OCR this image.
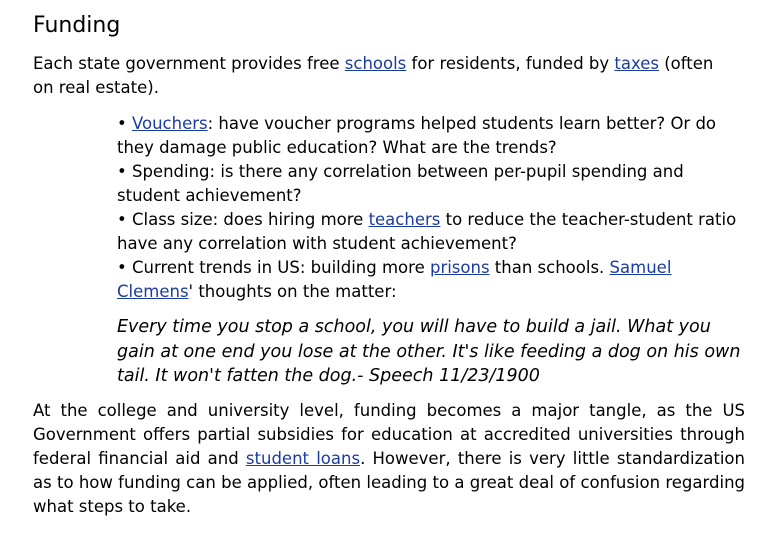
Funding

Each state government provides free schools for residents, funded by taxes (often on real estate).

• Vouchers: have voucher programs helped students learn better? Or do they damage public education? What are the trends?

• Spending: is there any correlation between per-pupil spending and student achievement?

• Class size: does hiring more teachers to reduce the teacher-student ratio have any correlation with student achievement?

• Current trends in US: building more prisons than schools. Samuel Clemens' thoughts on the matter:

Every time you stop a school, you will have to build a jail. What you gain at one end you lose at the other. It's like feeding a dog on his own tail. It won't fatten the dog.- Speech 11/23/1900

At the college and university level, funding becomes a major tangle, as the US Government offers partial subsidies for education at accredited universities through federal financial aid and student loans. However, there is very little standardization as to how funding can be applied, often leading to a great deal of confusion regarding what steps to take.
